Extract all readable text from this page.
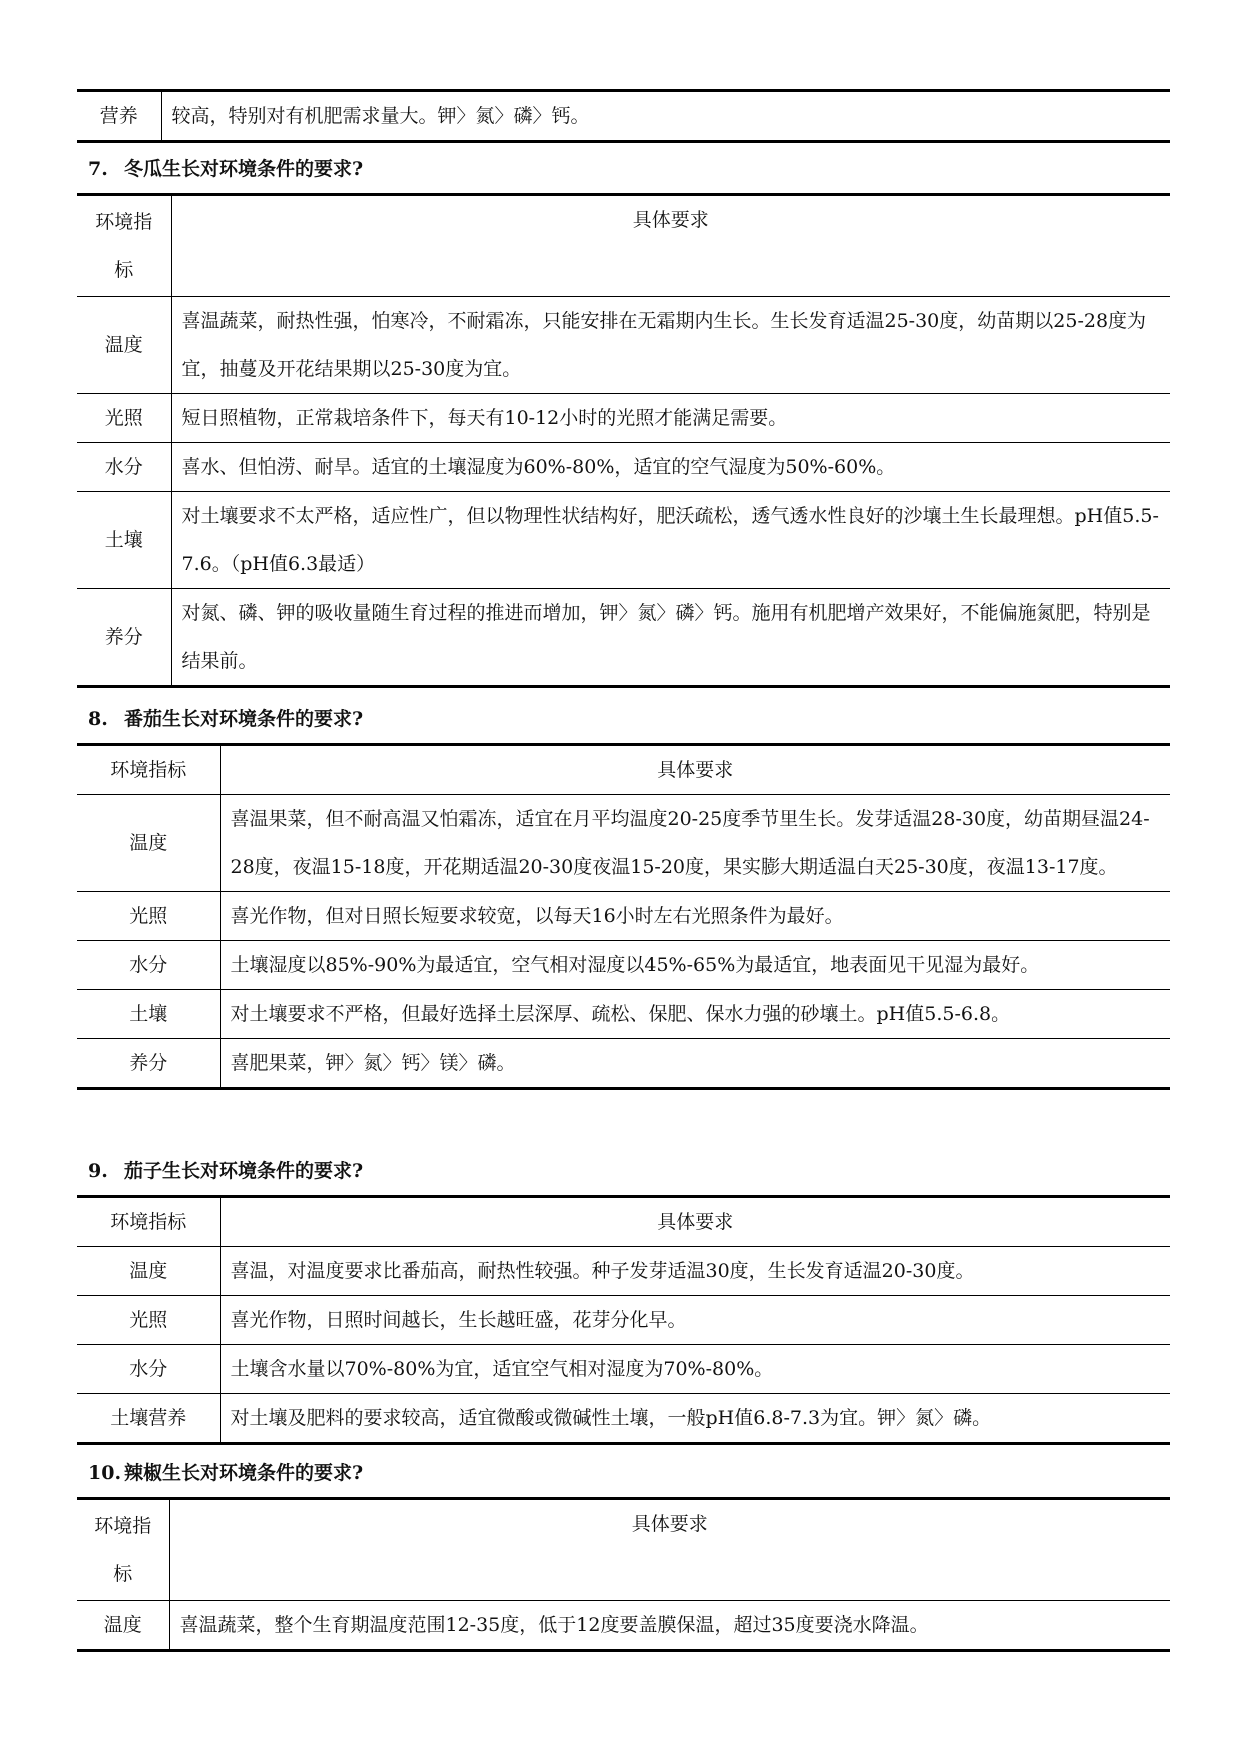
营养	较高，特别对有机肥需求量大。钾〉氮〉磷〉钙。
7. 冬瓜生长对环境条件的要求?
环境指标	具体要求
温度	喜温蔬菜，耐热性强，怕寒冷，不耐霜冻，只能安排在无霜期内生长。生长发育适温25-30度，幼苗期以25-28度为宜，抽蔓及开花结果期以25-30度为宜。
光照	短日照植物，正常栽培条件下，每天有10-12小时的光照才能满足需要。
水分	喜水、但怕涝、耐旱。适宜的土壤湿度为60%-80%，适宜的空气湿度为50%-60%。
土壤	对土壤要求不太严格，适应性广，但以物理性状结构好，肥沃疏松，透气透水性良好的沙壤土生长最理想。pH值5.5-7.6。（pH值6.3最适）
养分	对氮、磷、钾的吸收量随生育过程的推进而增加，钾〉氮〉磷〉钙。施用有机肥增产效果好，不能偏施氮肥，特别是结果前。
8. 番茄生长对环境条件的要求?
环境指标	具体要求
温度	喜温果菜，但不耐高温又怕霜冻，适宜在月平均温度20-25度季节里生长。发芽适温28-30度，幼苗期昼温24-28度，夜温15-18度，开花期适温20-30度夜温15-20度，果实膨大期适温白天25-30度，夜温13-17度。
光照	喜光作物，但对日照长短要求较宽，以每天16小时左右光照条件为最好。
水分	土壤湿度以85%-90%为最适宜，空气相对湿度以45%-65%为最适宜，地表面见干见湿为最好。
土壤	对土壤要求不严格，但最好选择土层深厚、疏松、保肥、保水力强的砂壤土。pH值5.5-6.8。
养分	喜肥果菜，钾〉氮〉钙〉镁〉磷。
9. 茄子生长对环境条件的要求?
环境指标	具体要求
温度	喜温，对温度要求比番茄高，耐热性较强。种子发芽适温30度，生长发育适温20-30度。
光照	喜光作物，日照时间越长，生长越旺盛，花芽分化早。
水分	土壤含水量以70%-80%为宜，适宜空气相对湿度为70%-80%。
土壤营养	对土壤及肥料的要求较高，适宜微酸或微碱性土壤，一般pH值6.8-7.3为宜。钾〉氮〉磷。
10. 辣椒生长对环境条件的要求?
环境指标	具体要求
温度	喜温蔬菜，整个生育期温度范围12-35度，低于12度要盖膜保温，超过35度要浇水降温。
